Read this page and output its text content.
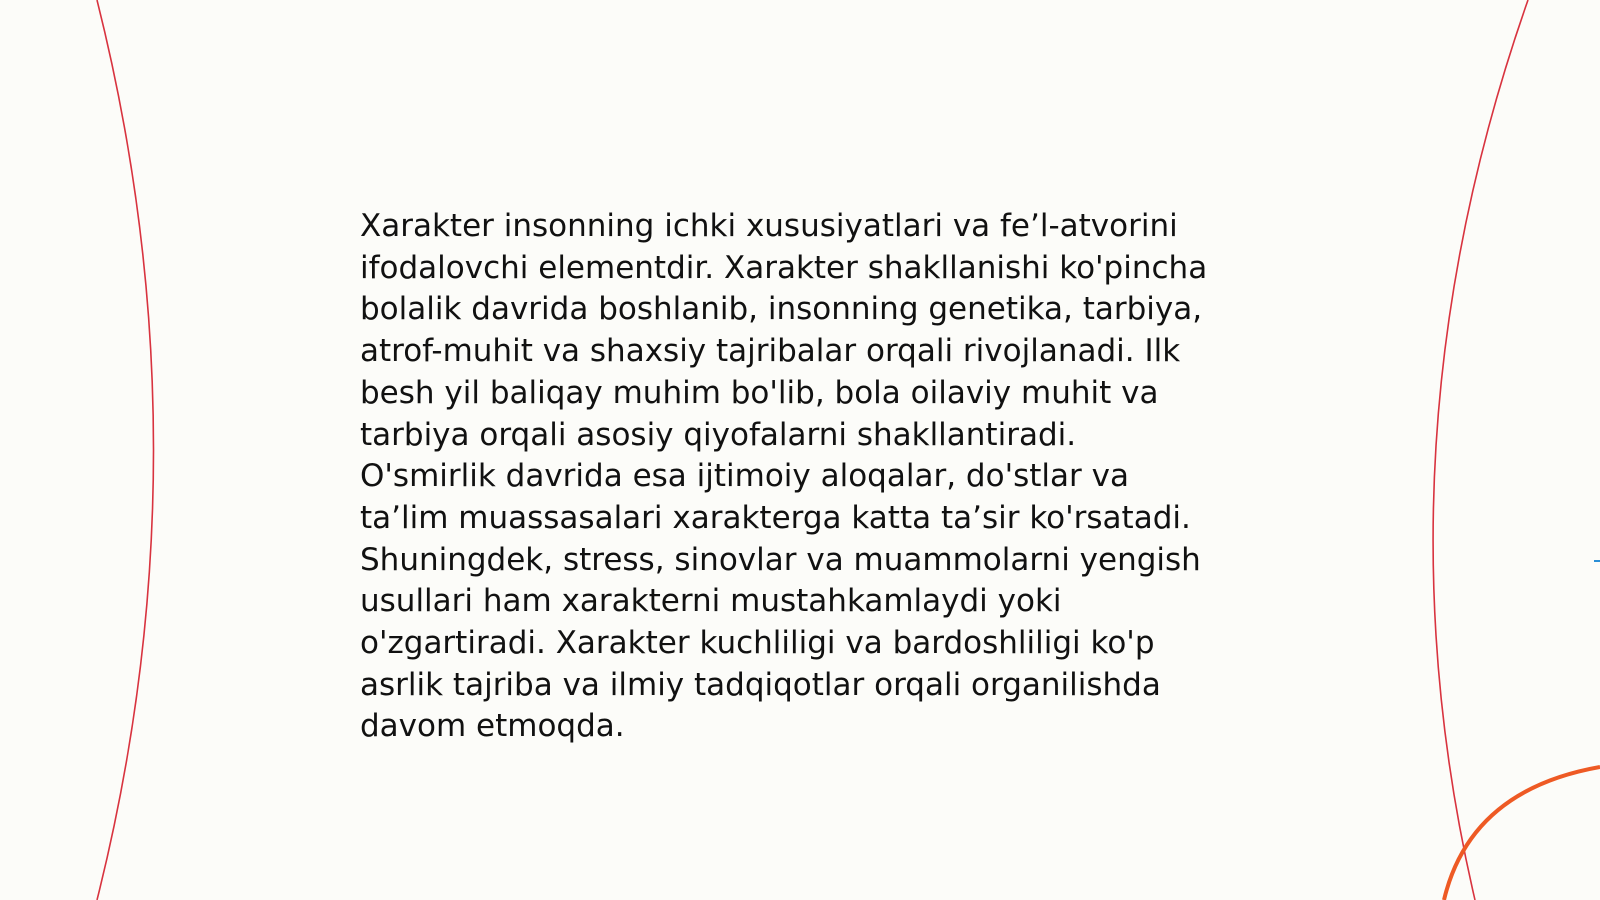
Xarakter insonning ichki xususiyatlari va fe’l-atvorini
ifodalovchi elementdir. Xarakter shakllanishi ko'pincha
bolalik davrida boshlanib, insonning genetika, tarbiya,
atrof-muhit va shaxsiy tajribalar orqali rivojlanadi. Ilk
besh yil baliqay muhim bo'lib, bola oilaviy muhit va
tarbiya orqali asosiy qiyofalarni shakllantiradi.
O'smirlik davrida esa ijtimoiy aloqalar, do'stlar va
ta’lim muassasalari xarakterga katta ta’sir ko'rsatadi.
Shuningdek, stress, sinovlar va muammolarni yengish
usullari ham xarakterni mustahkamlaydi yoki
o'zgartiradi. Xarakter kuchliligi va bardoshliligi ko'p
asrlik tajriba va ilmiy tadqiqotlar orqali organilishda
davom etmoqda.
